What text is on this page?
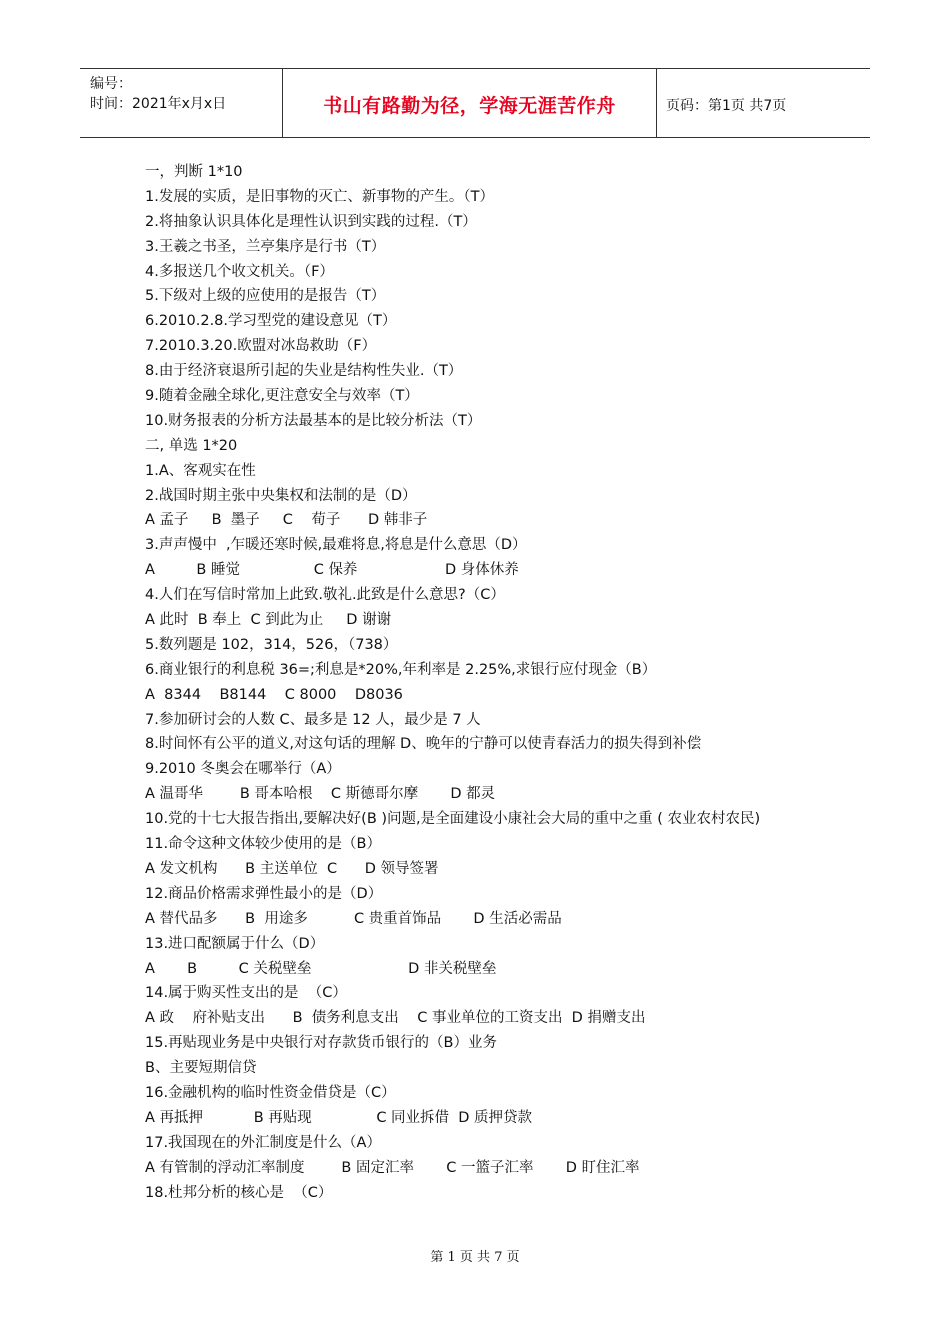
编号：
时间：2021年x月x日	书山有路勤为径，学海无涯苦作舟	页码：第1页 共7页
一，判断 1*10
1.发展的实质，是旧事物的灭亡、新事物的产生。（T）
2.将抽象认识具体化是理性认识到实践的过程.（T）
3.王羲之书圣，兰亭集序是行书（T）
4.多报送几个收文机关。（F）
5.下级对上级的应使用的是报告（T）
6.2010.2.8.学习型党的建设意见（T）
7.2010.3.20.欧盟对冰岛救助（F）
8.由于经济衰退所引起的失业是结构性失业.（T）
9.随着金融全球化,更注意安全与效率（T）
10.财务报表的分析方法最基本的是比较分析法（T）
二, 单选 1*20
1.A、客观实在性
2.战国时期主张中央集权和法制的是（D）
A 孟子     B  墨子     C    荀子      D 韩非子
3.声声慢中  ,乍暖还寒时候,最难将息,将息是什么意思（D）
A         B 睡觉                C 保养                   D 身体休养
4.人们在写信时常加上此致.敬礼.此致是什么意思?（C）
A 此时  B 奉上  C 到此为止     D 谢谢
5.数列题是 102，314，526，（738）
6.商业银行的利息税 36=;利息是*20%,年利率是 2.25%,求银行应付现金（B）
A  8344    B8144    C 8000    D8036
7.参加研讨会的人数 C、最多是 12 人，最少是 7 人
8.时间怀有公平的道义,对这句话的理解 D、晚年的宁静可以使青春活力的损失得到补偿
9.2010 冬奥会在哪举行（A）
A 温哥华        B 哥本哈根    C 斯德哥尔摩       D 都灵
10.党的十七大报告指出,要解决好(B )问题,是全面建设小康社会大局的重中之重 ( 农业农村农民)
11.命令这种文体较少使用的是（B）
A 发文机构      B 主送单位  C      D 领导签署
12.商品价格需求弹性最小的是（D）
A 替代品多      B  用途多          C 贵重首饰品       D 生活必需品
13.进口配额属于什么（D）
A       B         C 关税壁垒                     D 非关税壁垒
14.属于购买性支出的是  （C）
A 政    府补贴支出      B  债务利息支出    C 事业单位的工资支出  D 捐赠支出
15.再贴现业务是中央银行对存款货币银行的（B）业务
B、主要短期信贷
16.金融机构的临时性资金借贷是（C）
A 再抵押           B 再贴现              C 同业拆借  D 质押贷款
17.我国现在的外汇制度是什么（A）
A 有管制的浮动汇率制度        B 固定汇率       C 一篮子汇率       D 盯住汇率
18.杜邦分析的核心是  （C）
第 1 页 共 7 页
